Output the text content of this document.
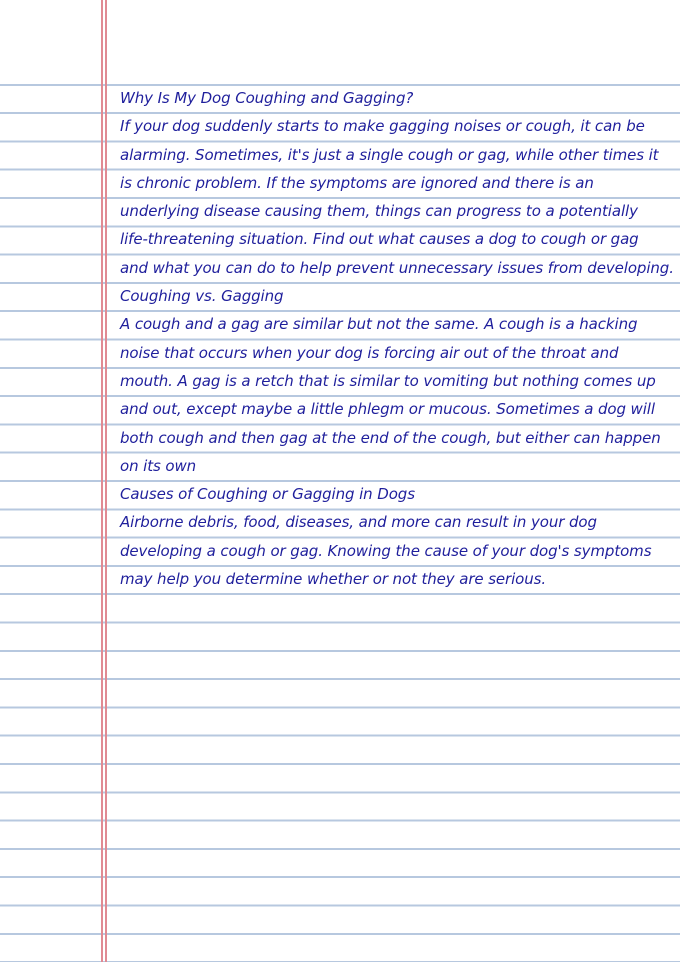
Why Is My Dog Coughing and Gagging?
If your dog suddenly starts to make gagging noises or cough, it can be
alarming. Sometimes, it's just a single cough or gag, while other times it
is chronic problem. If the symptoms are ignored and there is an
underlying disease causing them, things can progress to a potentially
life-threatening situation. Find out what causes a dog to cough or gag
and what you can do to help prevent unnecessary issues from developing.
Coughing vs. Gagging
A cough and a gag are similar but not the same. A cough is a hacking
noise that occurs when your dog is forcing air out of the throat and
mouth. A gag is a retch that is similar to vomiting but nothing comes up
and out, except maybe a little phlegm or mucous. Sometimes a dog will
both cough and then gag at the end of the cough, but either can happen
on its own
Causes of Coughing or Gagging in Dogs
Airborne debris, food, diseases, and more can result in your dog
developing a cough or gag. Knowing the cause of your dog's symptoms
may help you determine whether or not they are serious.
